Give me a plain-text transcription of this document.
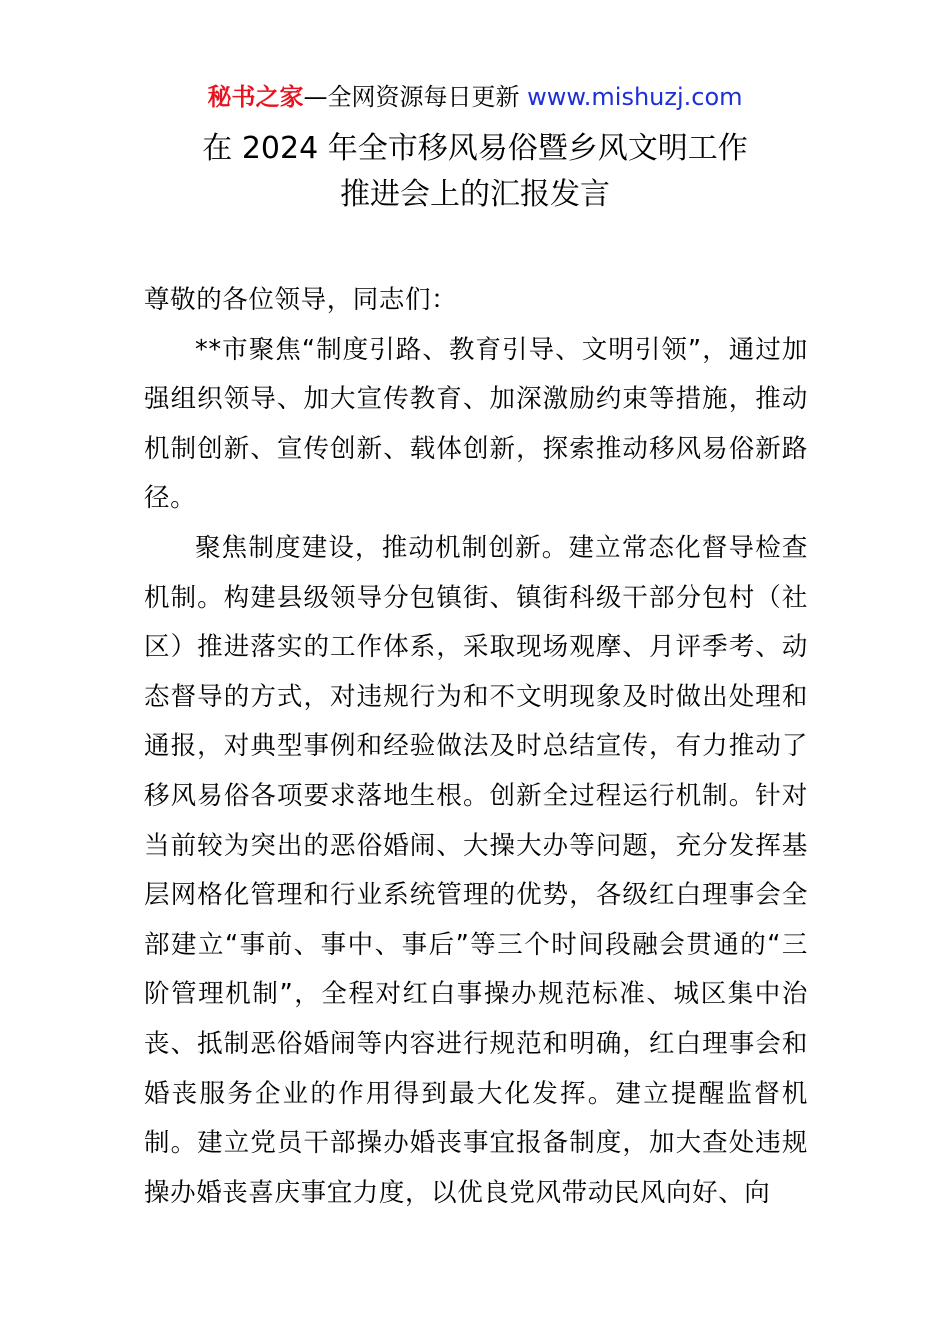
秘书之家—全网资源每日更新 www.mishuzj.com
在 2024 年全市移风易俗暨乡风文明工作
推进会上的汇报发言

尊敬的各位领导，同志们：

**市聚焦“制度引路、教育引导、文明引领”，通过加强组织领导、加大宣传教育、加深激励约束等措施，推动机制创新、宣传创新、载体创新，探索推动移风易俗新路径。

聚焦制度建设，推动机制创新。建立常态化督导检查机制。构建县级领导分包镇街、镇街科级干部分包村（社区）推进落实的工作体系，采取现场观摩、月评季考、动态督导的方式，对违规行为和不文明现象及时做出处理和通报，对典型事例和经验做法及时总结宣传，有力推动了移风易俗各项要求落地生根。创新全过程运行机制。针对当前较为突出的恶俗婚闹、大操大办等问题，充分发挥基层网格化管理和行业系统管理的优势，各级红白理事会全部建立“事前、事中、事后”等三个时间段融会贯通的“三阶管理机制”，全程对红白事操办规范标准、城区集中治丧、抵制恶俗婚闹等内容进行规范和明确，红白理事会和婚丧服务企业的作用得到最大化发挥。建立提醒监督机制。建立党员干部操办婚丧事宜报备制度，加大查处违规操办婚丧喜庆事宜力度，以优良党风带动民风向好、向
